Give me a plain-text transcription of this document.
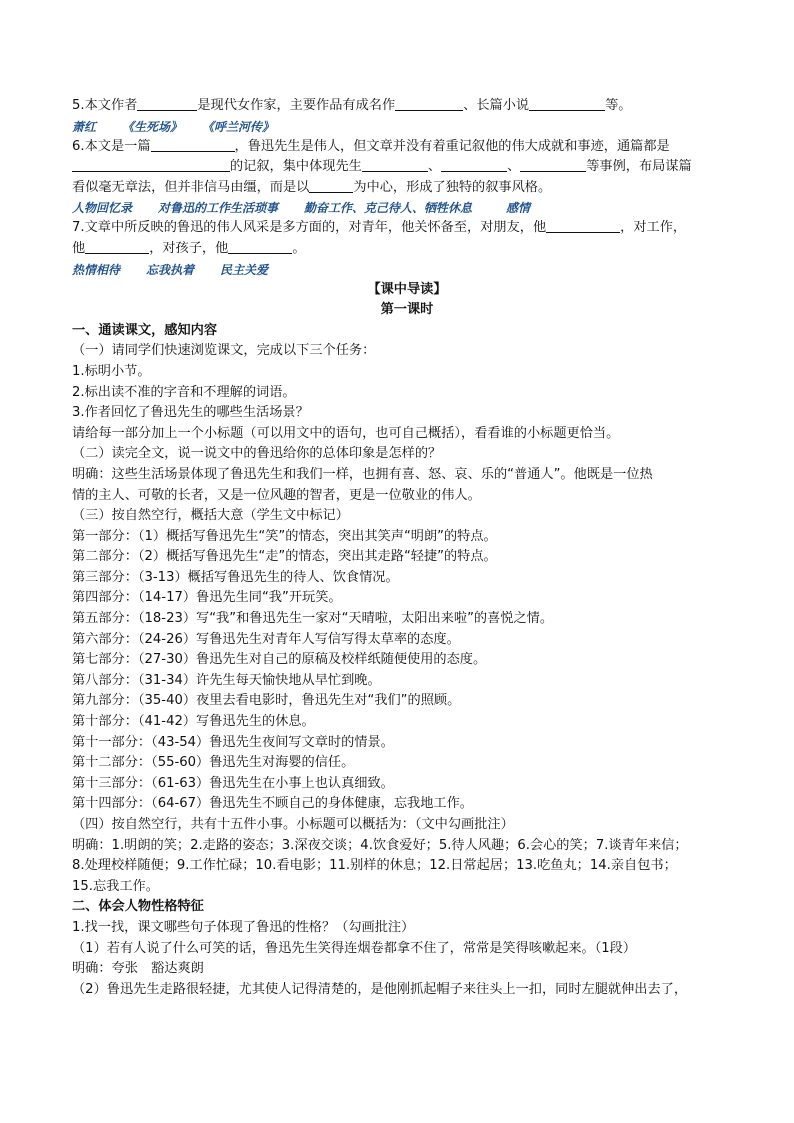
5.本文作者	是现代女作家，主要作品有成名作	、长篇小说	等。

萧红 《生死场》 《呼兰河传》

6.本文是一篇	，鲁迅先生是伟人，但文章并没有着重记叙他的伟大成就和事迹，通篇都是

的记叙，集中体现先生	、	、	等事例，布局谋篇

看似毫无章法，但并非信马由缰，而是以	为中心，形成了独特的叙事风格。

人物回忆录 对鲁迅的工作生活琐事 勤奋工作、克己待人、牺牲休息	感情

7.文章中所反映的鲁迅的伟人风采是多方面的，对青年，他关怀备至，对朋友，他	，对工作，

他	，对孩子，他	。

热情相待 忘我执着 民主关爱

【课中导读】

第一课时

一、通读课文，感知内容

（一）请同学们快速浏览课文，完成以下三个任务：

1.标明小节。

2.标出读不准的字音和不理解的词语。

3.作者回忆了鲁迅先生的哪些生活场景？

请给每一部分加上一个小标题（可以用文中的语句，也可自己概括），看看谁的小标题更恰当。

（二）读完全文，说一说文中的鲁迅给你的总体印象是怎样的？

明确：这些生活场景体现了鲁迅先生和我们一样，也拥有喜、怒、哀、乐的“普通人”。他既是一位热

情的主人、可敬的长者，又是一位风趣的智者，更是一位敬业的伟人。

（三）按自然空行，概括大意（学生文中标记）

第一部分：（1）概括写鲁迅先生“笑”的情态，突出其笑声“明朗”的特点。

第二部分：（2）概括写鲁迅先生“走”的情态，突出其走路“轻捷”的特点。

第三部分：（3-13）概括写鲁迅先生的待人、饮食情况。

第四部分：（14-17）鲁迅先生同“我”开玩笑。

第五部分：（18-23）写“我”和鲁迅先生一家对“天晴啦，太阳出来啦”的喜悦之情。

第六部分：（24-26）写鲁迅先生对青年人写信写得太草率的态度。

第七部分：（27-30）鲁迅先生对自己的原稿及校样纸随便使用的态度。

第八部分：（31-34）许先生每天愉快地从早忙到晚。

第九部分：（35-40）夜里去看电影时，鲁迅先生对“我们”的照顾。

第十部分：（41-42）写鲁迅先生的休息。

第十一部分：（43-54）鲁迅先生夜间写文章时的情景。

第十二部分：（55-60）鲁迅先生对海婴的信任。

第十三部分：（61-63）鲁迅先生在小事上也认真细致。

第十四部分：（64-67）鲁迅先生不顾自己的身体健康，忘我地工作。

（四）按自然空行，共有十五件小事。小标题可以概括为：（文中勾画批注）

明确：1.明朗的笑；2.走路的姿态；3.深夜交谈；4.饮食爱好；5.待人风趣；6.会心的笑；7.谈青年来信；

8.处理校样随便；9.工作忙碌；10.看电影；11.别样的休息；12.日常起居；13.吃鱼丸；14.亲自包书；

15.忘我工作。

二、体会人物性格特征

1.找一找，课文哪些句子体现了鲁迅的性格？（勾画批注）

（1）若有人说了什么可笑的话，鲁迅先生笑得连烟卷都拿不住了，常常是笑得咳嗽起来。（1段）

明确：夸张　豁达爽朗

（2）鲁迅先生走路很轻捷，尤其使人记得清楚的，是他刚抓起帽子来往头上一扣，同时左腿就伸出去了，
